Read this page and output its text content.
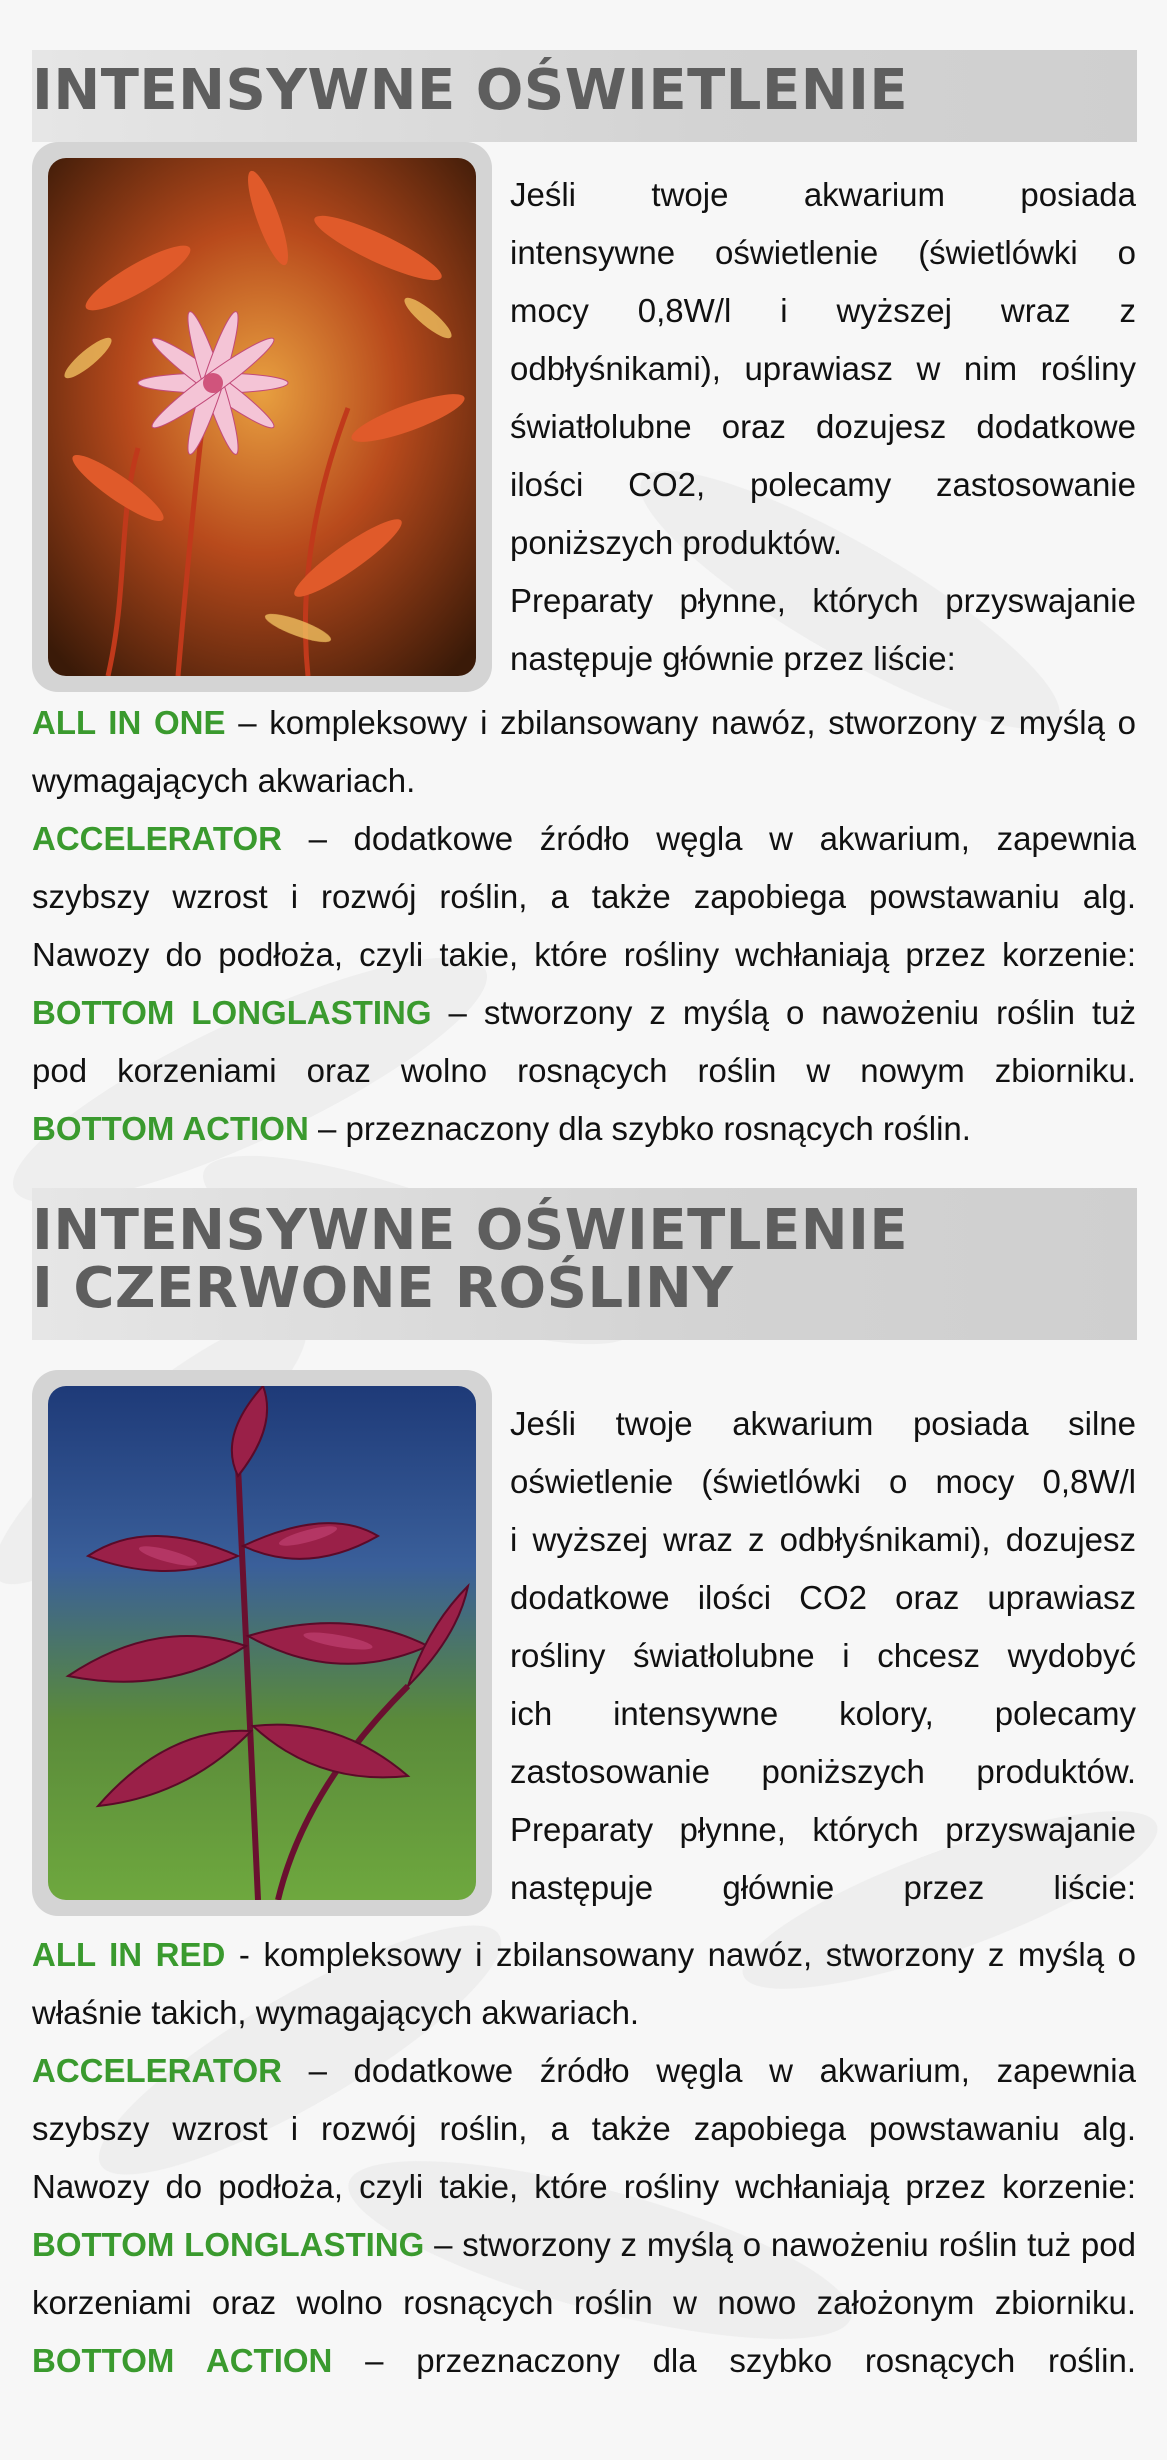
INTENSYWNE OŚWIETLENIE
Jeśli twoje akwarium posiada
intensywne oświetlenie (świetlówki o
mocy 0,8W/l i wyższej wraz z
odbłyśnikami), uprawiasz w nim rośliny
światłolubne oraz dozujesz dodatkowe
ilości CO2, polecamy zastosowanie
poniższych produktów.
Preparaty płynne, których przyswajanie
następuje głównie przez liście:
ALL IN ONE – kompleksowy i zbilansowany nawóz, stworzony z myślą o
wymagających akwariach.
ACCELERATOR – dodatkowe źródło węgla w akwarium, zapewnia
szybszy wzrost i rozwój roślin, a także zapobiega powstawaniu alg.
Nawozy do podłoża, czyli takie, które rośliny wchłaniają przez korzenie:
BOTTOM LONGLASTING – stworzony z myślą o nawożeniu roślin tuż
pod korzeniami oraz wolno rosnących roślin w nowym zbiorniku.
BOTTOM ACTION – przeznaczony dla szybko rosnących roślin.
INTENSYWNE OŚWIETLENIE
I CZERWONE ROŚLINY
Jeśli twoje akwarium posiada silne
oświetlenie (świetlówki o mocy 0,8W/l
i wyższej wraz z odbłyśnikami), dozujesz
dodatkowe ilości CO2 oraz uprawiasz
rośliny światłolubne i chcesz wydobyć
ich intensywne kolory, polecamy
zastosowanie poniższych produktów.
Preparaty płynne, których przyswajanie
następuje głównie przez liście:
ALL IN RED - kompleksowy i zbilansowany nawóz, stworzony z myślą o
właśnie takich, wymagających akwariach.
ACCELERATOR – dodatkowe źródło węgla w akwarium, zapewnia
szybszy wzrost i rozwój roślin, a także zapobiega powstawaniu alg.
Nawozy do podłoża, czyli takie, które rośliny wchłaniają przez korzenie:
BOTTOM LONGLASTING – stworzony z myślą o nawożeniu roślin tuż pod
korzeniami oraz wolno rosnących roślin w nowo założonym zbiorniku.
BOTTOM ACTION – przeznaczony dla szybko rosnących roślin.
